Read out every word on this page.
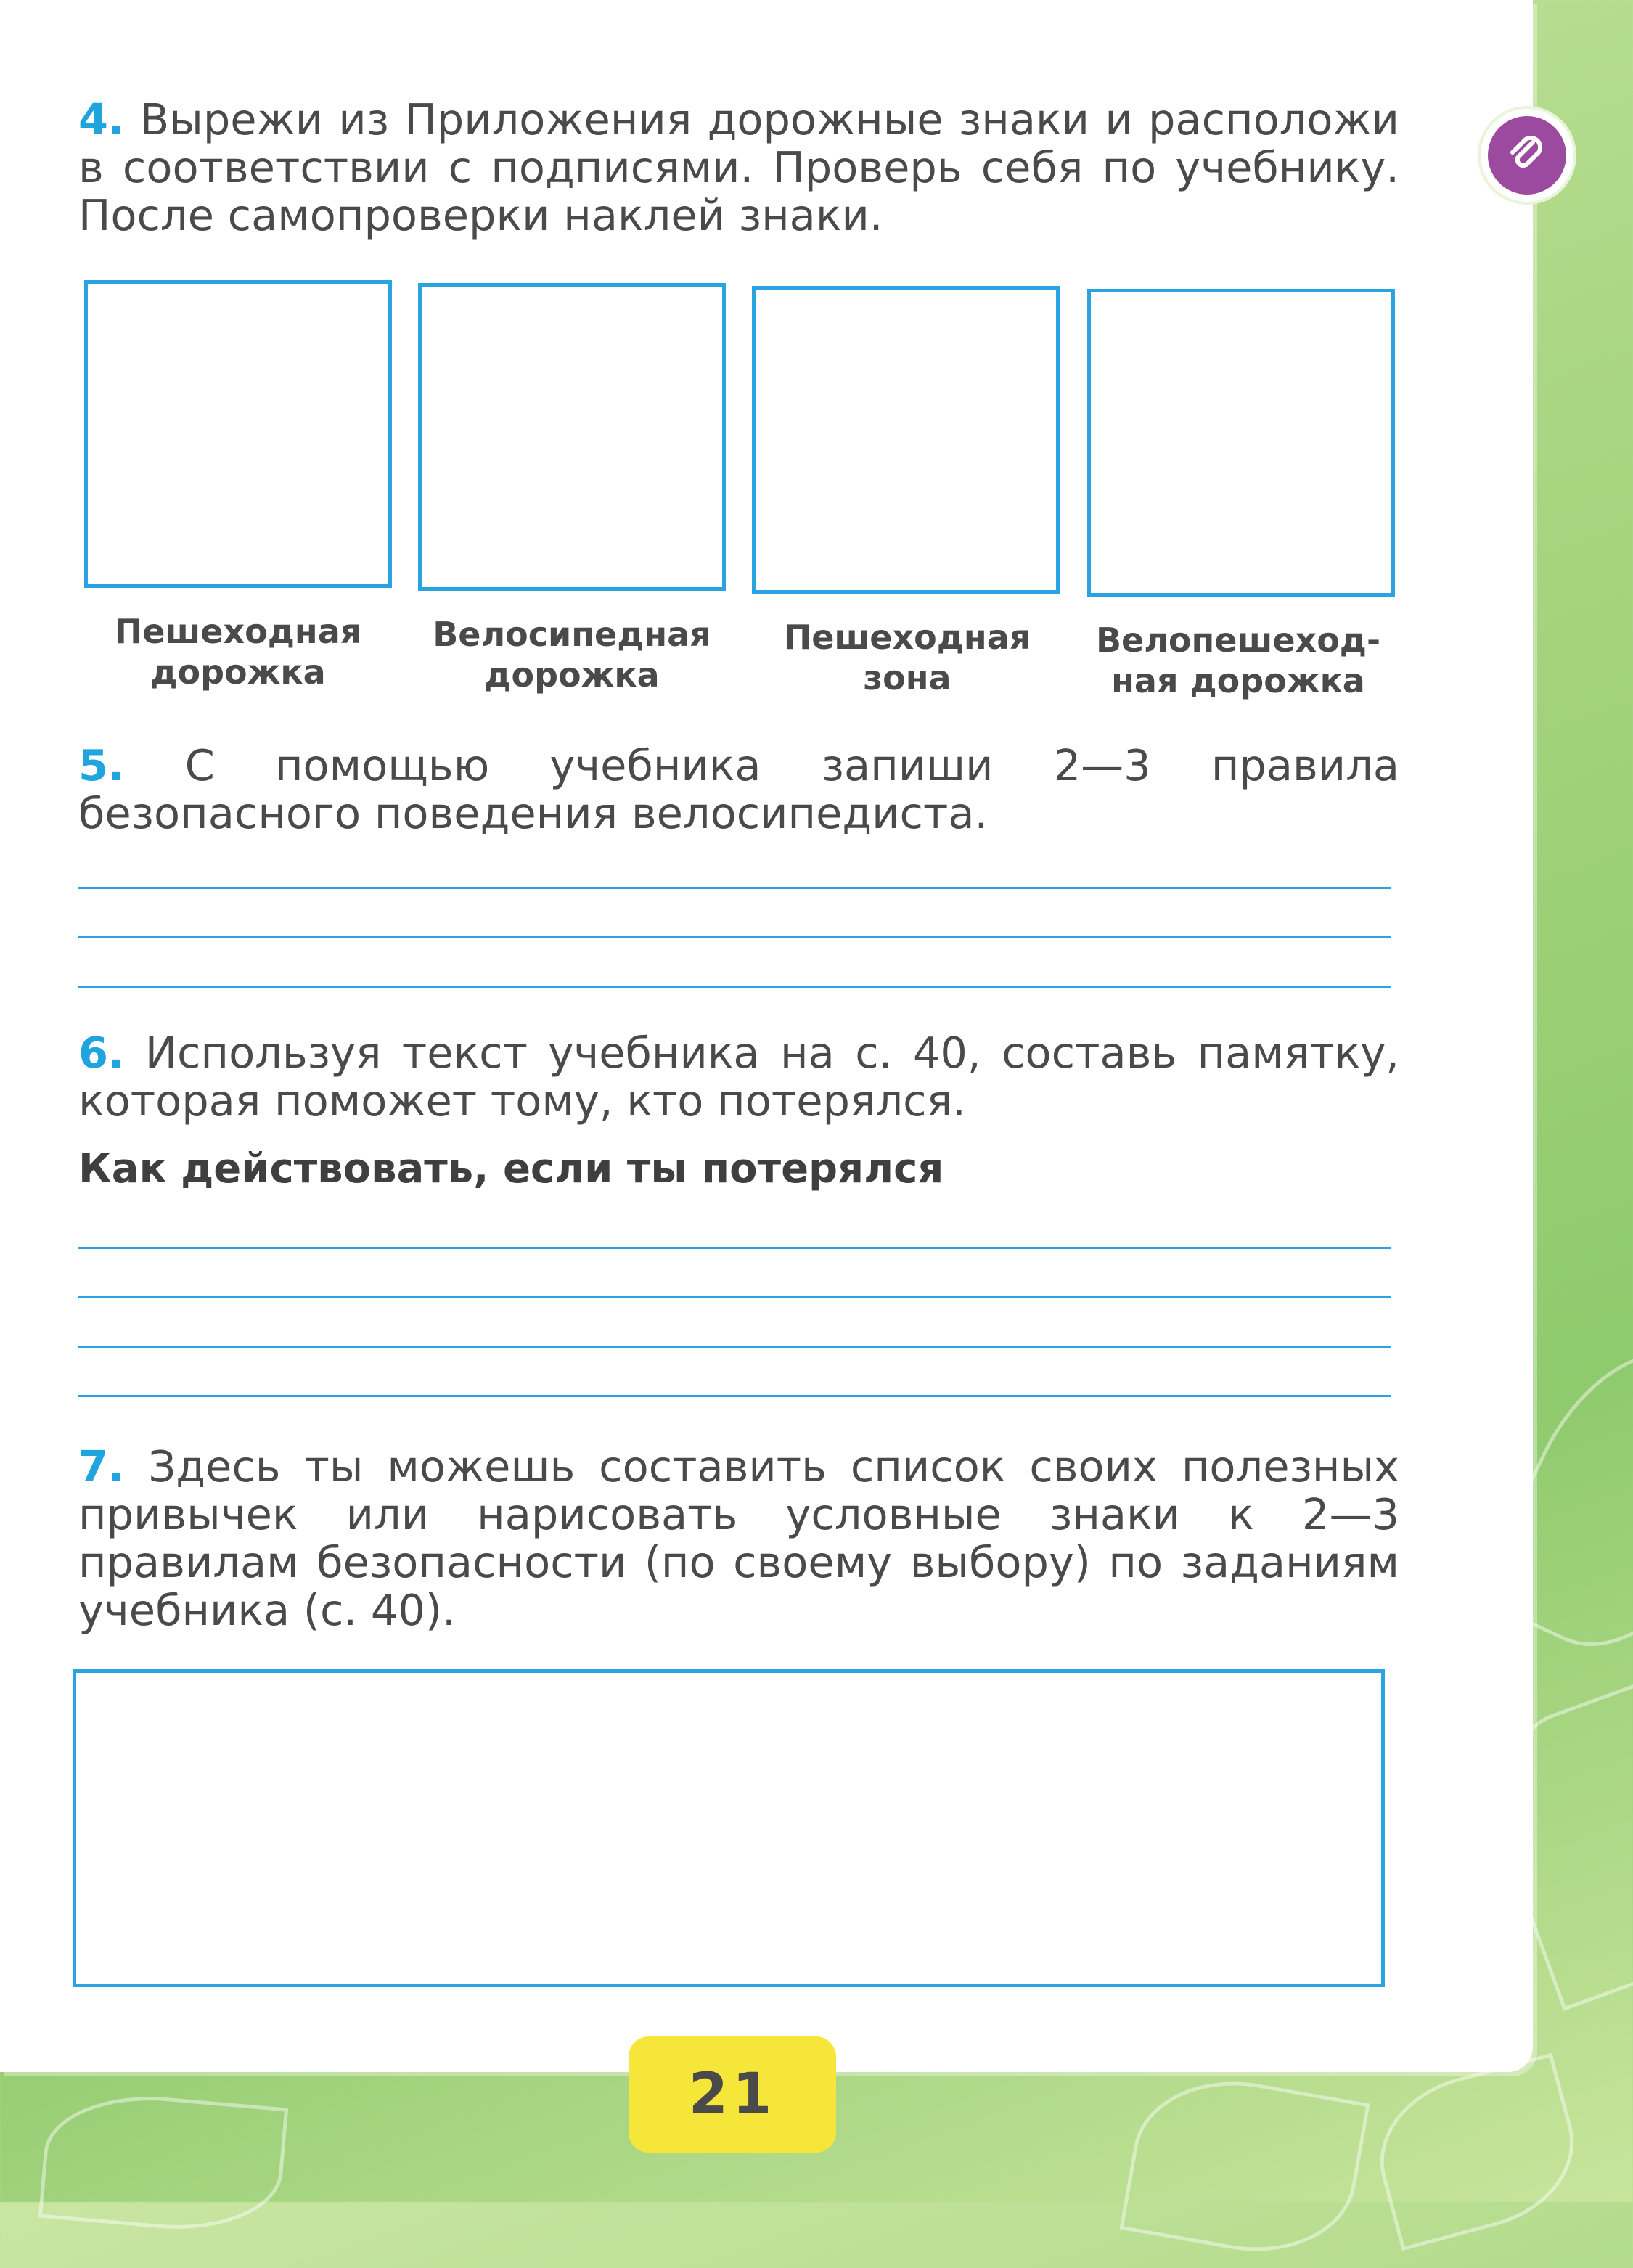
4. Вырежи из Приложения дорожные знаки и расположи в соответствии с подписями. Проверь себя по учебнику. После самопроверки наклей знаки.
Пешеходная
дорожка
Велосипедная
дорожка
Пешеходная
зона
Велопешеход-
ная дорожка
5. С помощью учебника запиши 2—3 правила безопасного поведения велосипедиста.
6. Используя текст учебника на с. 40, составь памятку, которая поможет тому, кто потерялся.
Как действовать, если ты потерялся
7. Здесь ты можешь составить список своих полезных привычек или нарисовать условные знаки к 2—3 правилам безопасности (по своему выбору) по заданиям учебника (с. 40).
21
